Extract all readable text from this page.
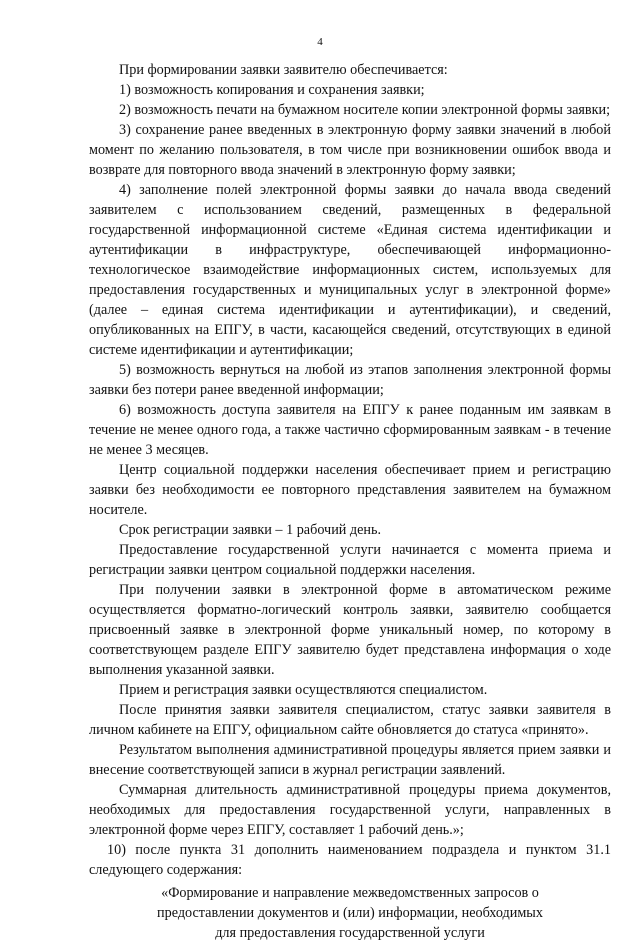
4

При формировании заявки заявителю обеспечивается:

1) возможность копирования и сохранения заявки;

2) возможность печати на бумажном носителе копии электронной формы заявки;

3) сохранение ранее введенных в электронную форму заявки значений в любой момент по желанию пользователя, в том числе при возникновении ошибок ввода и возврате для повторного ввода значений в электронную форму заявки;

4) заполнение полей электронной формы заявки до начала ввода сведений заявителем с использованием сведений, размещенных в федеральной государственной информационной системе «Единая система идентификации и аутентификации в инфраструктуре, обеспечивающей информационно-технологическое взаимодействие информационных систем, используемых для предоставления государственных и муниципальных услуг в электронной форме» (далее – единая система идентификации и аутентификации), и сведений, опубликованных на ЕПГУ, в части, касающейся сведений, отсутствующих в единой системе идентификации и аутентификации;

5) возможность вернуться на любой из этапов заполнения электронной формы заявки без потери ранее введенной информации;

6) возможность доступа заявителя на ЕПГУ к ранее поданным им заявкам в течение не менее одного года, а также частично сформированным заявкам - в течение не менее 3 месяцев.

Центр социальной поддержки населения обеспечивает прием и регистрацию заявки без необходимости ее повторного представления заявителем на бумажном носителе.

Срок регистрации заявки – 1 рабочий день.

Предоставление государственной услуги начинается с момента приема и регистрации заявки центром социальной поддержки населения.

При получении заявки в электронной форме в автоматическом режиме осуществляется форматно-логический контроль заявки, заявителю сообщается присвоенный заявке в электронной форме уникальный номер, по которому в соответствующем разделе ЕПГУ заявителю будет представлена информация о ходе выполнения указанной заявки.

Прием и регистрация заявки осуществляются специалистом.

После принятия заявки заявителя специалистом, статус заявки заявителя в личном кабинете на ЕПГУ, официальном сайте обновляется до статуса «принято».

Результатом выполнения административной процедуры является прием заявки и внесение соответствующей записи в журнал регистрации заявлений.

Суммарная длительность административной процедуры приема документов, необходимых для предоставления государственной услуги, направленных в электронной форме через ЕПГУ, составляет 1 рабочий день.»;

10) после пункта 31 дополнить наименованием подраздела и пунктом 31.1 следующего содержания:

«Формирование и направление межведомственных запросов о

предоставлении документов и (или) информации, необходимых

для предоставления государственной услуги
